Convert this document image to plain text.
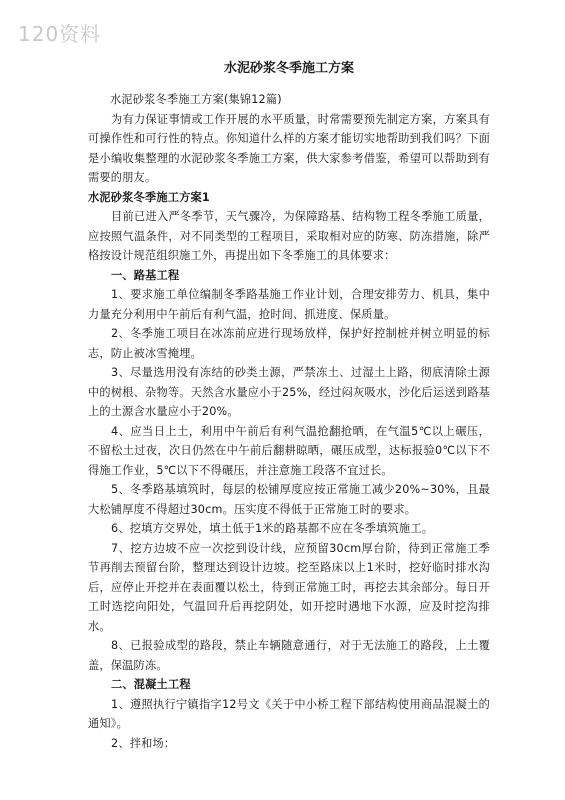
120资料
水泥砂浆冬季施工方案

水泥砂浆冬季施工方案(集锦12篇)

为有力保证事情或工作开展的水平质量，时常需要预先制定方案，方案具有可操作性和可行性的特点。你知道什么样的方案才能切实地帮助到我们吗？下面是小编收集整理的水泥砂浆冬季施工方案，供大家参考借鉴，希望可以帮助到有需要的朋友。

水泥砂浆冬季施工方案1

目前已进入严冬季节，天气骤冷，为保障路基、结构物工程冬季施工质量，应按照气温条件，对不同类型的工程项目，采取相对应的防寒、防冻措施，除严格按设计规范组织施工外，再提出如下冬季施工的具体要求：

一、路基工程

1、要求施工单位编制冬季路基施工作业计划，合理安排劳力、机具，集中力量充分利用中午前后有利气温，抢时间、抓进度、保质量。

2、冬季施工项目在冰冻前应进行现场放样，保护好控制桩并树立明显的标志，防止被冰雪掩埋。

3、尽量选用没有冻结的砂类土源，严禁冻土、过湿土上路，彻底清除土源中的树根、杂物等。天然含水量应小于25%，经过闷灰吸水，沙化后运送到路基上的土源含水量应小于20%。

4、应当日上土，利用中午前后有利气温抢翻抢晒，在气温5℃以上碾压，不留松土过夜，次日仍然在中午前后翻耕晾晒，碾压成型，达标报验0℃以下不得施工作业，5℃以下不得碾压，并注意施工段落不宜过长。

5、冬季路基填筑时，每层的松铺厚度应按正常施工减少20%~30%，且最大松铺厚度不得超过30cm。压实度不得低于正常施工时的要求。

6、挖填方交界处，填土低于1米的路基都不应在冬季填筑施工。

7、挖方边坡不应一次挖到设计线，应预留30cm厚台阶，待到正常施工季节再削去预留台阶，整理达到设计边坡。挖至路床以上1米时，挖好临时排水沟后，应停止开挖并在表面覆以松土，待到正常施工时，再挖去其余部分。每日开工时选挖向阳处，气温回升后再挖阴处，如开挖时遇地下水源，应及时挖沟排水。

8、已报验成型的路段，禁止车辆随意通行，对于无法施工的路段，上土覆盖，保温防冻。

二、混凝土工程

1、遵照执行宁镇指字12号文《关于中小桥工程下部结构使用商品混凝土的通知》。

2、拌和场：
